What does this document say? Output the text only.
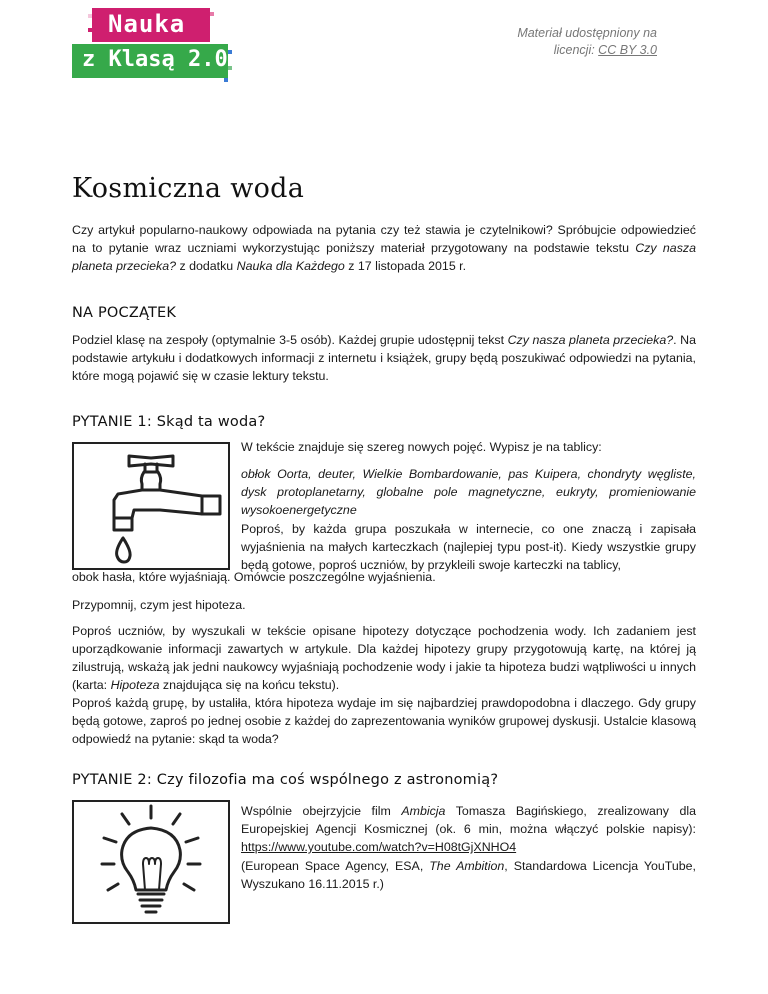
Nauka
z Klasą 2.0
Materiał udostępniony na
licencji: CC BY 3.0
Kosmiczna woda

Czy artykuł popularno-naukowy odpowiada na pytania czy też stawia je czytelnikowi? Spróbujcie odpowiedzieć na to pytanie wraz uczniami wykorzystując poniższy materiał przygotowany na podstawie tekstu Czy nasza planeta przecieka? z dodatku Nauka dla Każdego z 17 listopada 2015 r.

NA POCZĄTEK

Podziel klasę na zespoły (optymalnie 3-5 osób). Każdej grupie udostępnij tekst Czy nasza planeta przecieka?. Na podstawie artykułu i dodatkowych informacji z internetu i książek, grupy będą poszukiwać odpowiedzi na pytania, które mogą pojawić się w czasie lektury tekstu.

PYTANIE 1: Skąd ta woda?

W tekście znajduje się szereg nowych pojęć. Wypisz je na tablicy:

obłok Oorta, deuter, Wielkie Bombardowanie, pas Kuipera, chondryty węgliste, dysk protoplanetarny, globalne pole magnetyczne, eukryty, promieniowanie wysokoenergetyczne

Poproś, by każda grupa poszukała w internecie, co one znaczą i zapisała wyjaśnienia na małych karteczkach (najlepiej typu post-it). Kiedy wszystkie grupy będą gotowe, poproś uczniów, by przykleili swoje karteczki na tablicy,

obok hasła, które wyjaśniają. Omówcie poszczególne wyjaśnienia.

Przypomnij, czym jest hipoteza.

Poproś uczniów, by wyszukali w tekście opisane hipotezy dotyczące pochodzenia wody. Ich zadaniem jest uporządkowanie informacji zawartych w artykule. Dla każdej hipotezy grupy przygotowują kartę, na której ją zilustrują, wskażą jak jedni naukowcy wyjaśniają pochodzenie wody i jakie ta hipoteza budzi wątpliwości u innych (karta: Hipoteza znajdująca się na końcu tekstu).

Poproś każdą grupę, by ustaliła, która hipoteza wydaje im się najbardziej prawdopodobna i dlaczego. Gdy grupy będą gotowe, zaproś po jednej osobie z każdej do zaprezentowania wyników grupowej dyskusji. Ustalcie klasową odpowiedź na pytanie: skąd ta woda?

PYTANIE 2: Czy filozofia ma coś wspólnego z astronomią?

Wspólnie obejrzyjcie film Ambicja Tomasza Bagińskiego, zrealizowany dla Europejskiej Agencji Kosmicznej (ok. 6 min, można włączyć polskie napisy): https://www.youtube.com/watch?v=H08tGjXNHO4

(European Space Agency, ESA, The Ambition, Standardowa Licencja YouTube, Wyszukano 16.11.2015 r.)
